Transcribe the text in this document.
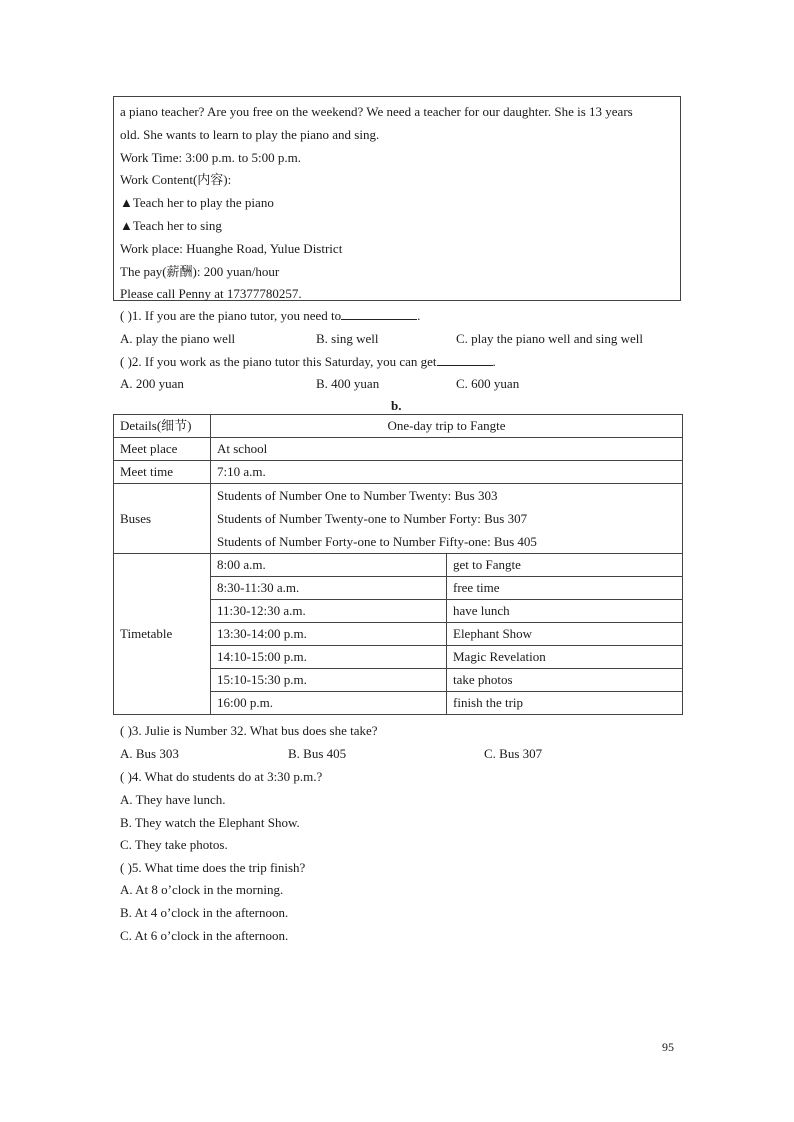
a piano teacher? Are you free on the weekend? We need a teacher for our daughter. She is 13 years
old. She wants to learn to play the piano and sing.
Work Time: 3:00 p.m. to 5:00 p.m.
Work Content(内容):
▲Teach her to play the piano
▲Teach her to sing
Work place: Huanghe Road, Yulue District
The pay(薪酬): 200 yuan/hour
Please call Penny at 17377780257.
( )1. If you are the piano tutor, you need to	.
A. play the piano well	B. sing well	C. play the piano well and sing well
( )2. If you work as the piano tutor this Saturday, you can get	.
A. 200 yuan	B. 400 yuan	C. 600 yuan
b.
Details(细节)	One-day trip to Fangte	
Meet place	At school	
Meet time	7:10 a.m.	
Buses	Students of Number One to Number Twenty: Bus 303
Students of Number Twenty-one to Number Forty: Bus 307
Students of Number Forty-one to Number Fifty-one: Bus 405	

Timetable	8:00 a.m.	get to Fangte
	8:30-11:30 a.m.	free time
	11:30-12:30 a.m.	have lunch
	13:30-14:00 p.m.	Elephant Show
	14:10-15:00 p.m.	Magic Revelation
	15:10-15:30 p.m.	take photos
	16:00 p.m.	finish the trip
( )3. Julie is Number 32. What bus does she take?
A. Bus 303	B. Bus 405	C. Bus 307
( )4. What do students do at 3:30 p.m.?
A. They have lunch.
B. They watch the Elephant Show.
C. They take photos.
( )5. What time does the trip finish?
A. At 8 o’clock in the morning.
B. At 4 o’clock in the afternoon.
C. At 6 o’clock in the afternoon.
95
